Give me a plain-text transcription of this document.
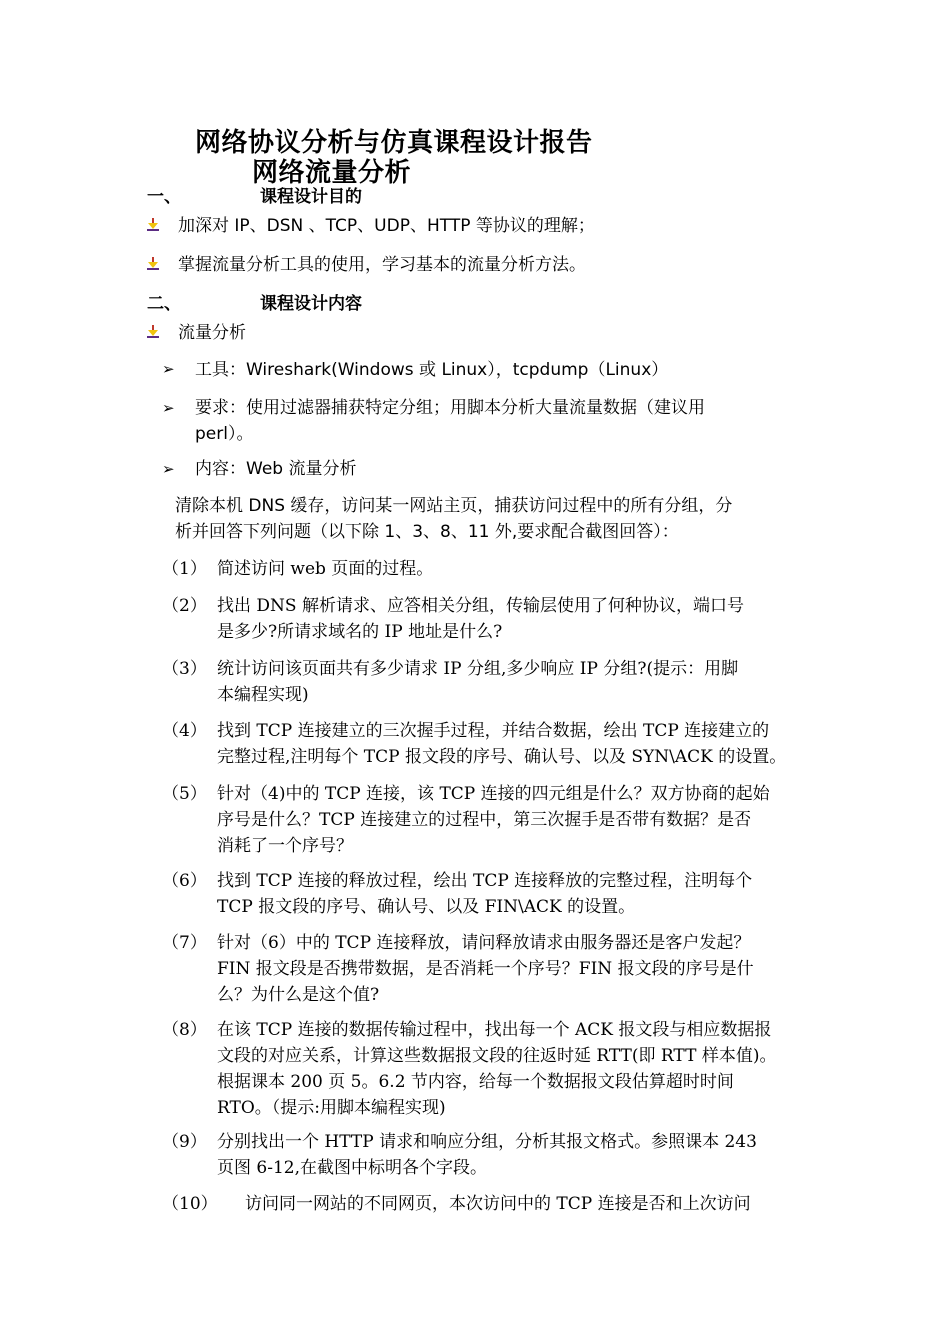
网络协议分析与仿真课程设计报告
网络流量分析
一、	课程设计目的
加深对 IP、DSN 、TCP、UDP、HTTP 等协议的理解；
掌握流量分析工具的使用，学习基本的流量分析方法。
二、	课程设计内容
流量分析
➢ 工具：Wireshark(Windows 或 Linux），tcpdump（Linux）
➢ 要求：使用过滤器捕获特定分组；用脚本分析大量流量数据（建议用
perl）。
➢ 内容：Web 流量分析
清除本机 DNS 缓存，访问某一网站主页，捕获访问过程中的所有分组，分
析并回答下列问题（以下除 1、3、8、11 外,要求配合截图回答）：
（1） 简述访问 web 页面的过程。
（2） 找出 DNS 解析请求、应答相关分组，传输层使用了何种协议，端口号
是多少?所请求域名的 IP 地址是什么?
（3） 统计访问该页面共有多少请求 IP 分组,多少响应 IP 分组?(提示：用脚
本编程实现)
（4） 找到 TCP 连接建立的三次握手过程，并结合数据，绘出 TCP 连接建立的
完整过程,注明每个 TCP 报文段的序号、确认号、以及 SYN\ACK 的设置。
（5） 针对（4)中的 TCP 连接，该 TCP 连接的四元组是什么？双方协商的起始
序号是什么？TCP 连接建立的过程中，第三次握手是否带有数据？是否
消耗了一个序号？
（6） 找到 TCP 连接的释放过程，绘出 TCP 连接释放的完整过程，注明每个
TCP 报文段的序号、确认号、以及 FIN\ACK 的设置。
（7） 针对（6）中的 TCP 连接释放，请问释放请求由服务器还是客户发起？
FIN 报文段是否携带数据，是否消耗一个序号？FIN 报文段的序号是什
么？为什么是这个值?
（8） 在该 TCP 连接的数据传输过程中，找出每一个 ACK 报文段与相应数据报
文段的对应关系，计算这些数据报文段的往返时延 RTT(即 RTT 样本值)。
根据课本 200 页 5。6.2 节内容，给每一个数据报文段估算超时时间
RTO。（提示:用脚本编程实现)
（9） 分别找出一个 HTTP 请求和响应分组，分析其报文格式。参照课本 243
页图 6-12,在截图中标明各个字段。
（10） 访问同一网站的不同网页，本次访问中的 TCP 连接是否和上次访问
